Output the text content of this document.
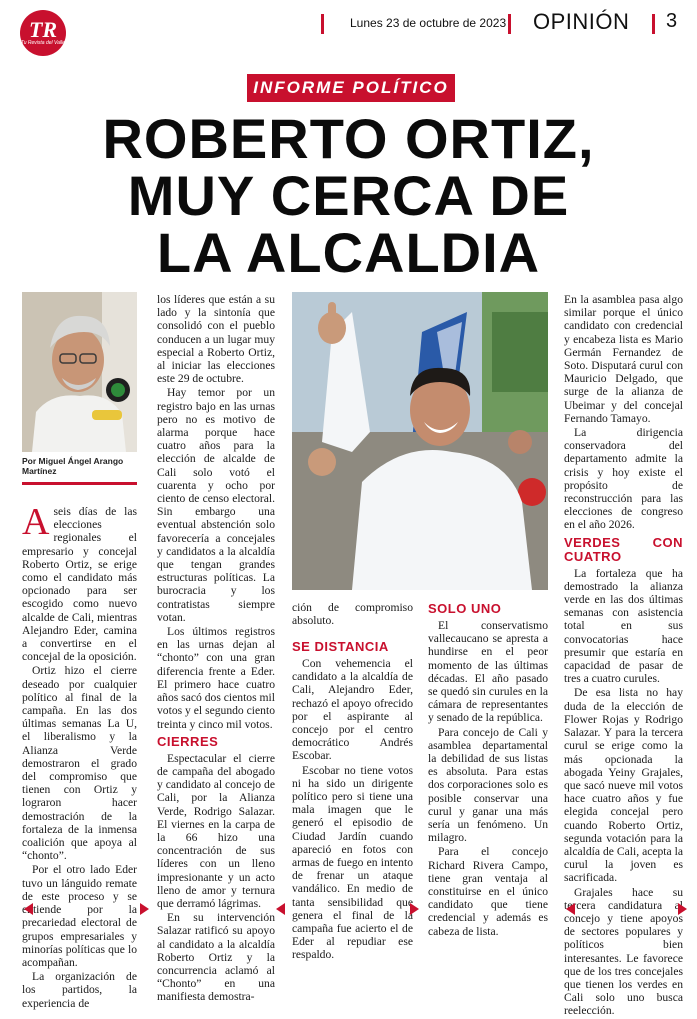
TR
Tu Revista del Valle
Lunes 23 de octubre de 2023 OPINIÓN 3
INFORME POLÍTICO
ROBERTO ORTIZ,
MUY CERCA DE
LA ALCALDIA
Por Miguel Ángel Arango Martínez

Aseis días de las elecciones regionales el empresario y concejal Roberto Ortiz, se erige como el candidato más opcionado para ser escogido como nuevo alcalde de Cali, mientras Alejandro Eder, camina a convertirse en el concejal de la oposición.

Ortiz hizo el cierre deseado por cualquier político al final de la campaña. En las dos últimas semanas La U, el liberalismo y la Alianza Verde demostraron el grado del compromiso que tienen con Ortiz y lograron hacer demostración de la fortaleza de la inmensa coalición que apoya al “chonto”.

Por el otro lado Eder tuvo un lánguido remate de este proceso y se entiende por la precariedad electoral de grupos empresariales y minorías políticas que lo acompañan.

La organización de los partidos, la experiencia de

los líderes que están a su lado y la sintonía que consolidó con el pueblo conducen a un lugar muy especial a Roberto Ortiz, al iniciar las elecciones este 29 de octubre.

Hay temor por un registro bajo en las urnas pero no es motivo de alarma porque hace cuatro años para la elección de alcalde de Cali solo votó el cuarenta y ocho por ciento de censo electoral. Sin embargo una eventual abstención solo favorecería a concejales y candidatos a la alcaldía que tengan grandes estructuras políticas. La burocracia y los contratistas siempre votan.

Los últimos registros en las urnas dejan al “chonto” con una gran diferencia frente a Eder. El primero hace cuatro años sacó dos cientos mil votos y el segundo ciento treinta y cinco mil votos.

CIERRES

Espectacular el cierre de campaña del abogado y candidato al concejo de Cali, por la Alianza Verde, Rodrigo Salazar. El viernes en la carpa de la 66 hizo una concentración de sus líderes con un lleno impresionante y un acto lleno de amor y ternura que derramó lágrimas.

En su intervención Salazar ratificó su apoyo al candidato a la alcaldía Roberto Ortiz y la concurrencia aclamó al “Chonto” en una manifiesta demostra-

ción de compromiso absoluto.

SE DISTANCIA

Con vehemencia el candidato a la alcaldía de Cali, Alejandro Eder, rechazó el apoyo ofrecido por el aspirante al concejo por el centro democrático Andrés Escobar.

Escobar no tiene votos ni ha sido un dirigente político pero si tiene una mala imagen que le generó el episodio de Ciudad Jardín cuando apareció en fotos con armas de fuego en intento de frenar un ataque vandálico. En medio de tanta sensibilidad que genera el final de la campaña fue acierto el de Eder al repudiar ese respaldo.

SOLO UNO

El conservatismo vallecaucano se apresta a hundirse en el peor momento de las últimas décadas. El año pasado se quedó sin curules en la cámara de representantes y senado de la república.

Para concejo de Cali y asamblea departamental la debilidad de sus listas es absoluta. Para estas dos corporaciones solo es posible conservar una curul y ganar una más sería un fenómeno. Un milagro.

Para el concejo Richard Rivera Campo, tiene gran ventaja al constituirse en el único candidato que tiene credencial y además es cabeza de lista.

En la asamblea pasa algo similar porque el único candidato con credencial y encabeza lista es Mario Germán Fernandez de Soto. Disputará curul con Mauricio Delgado, que surge de la alianza de Ubeimar y del concejal Fernando Tamayo.

La dirigencia conservadora del departamento admite la crisis y hoy existe el propósito de reconstrucción para las elecciones de congreso en el año 2026.

VERDES CON CUATRO

La fortaleza que ha demostrado la alianza verde en las dos últimas semanas con asistencia total en sus convocatorias hace presumir que estaría en capacidad de pasar de tres a cuatro curules.

De esa lista no hay duda de la elección de Flower Rojas y Rodrigo Salazar. Y para la tercera curul se erige como la más opcionada la abogada Yeiny Grajales, que sacó nueve mil votos hace cuatro años y fue elegida concejal pero cuando Roberto Ortiz, segunda votación para la alcaldía de Cali, acepta la curul la joven es sacrificada.

Grajales hace su tercera candidatura al concejo y tiene apoyos de sectores populares y políticos bien interesantes. Le favorece que de los tres concejales que tienen los verdes en Cali solo uno busca reelección.
